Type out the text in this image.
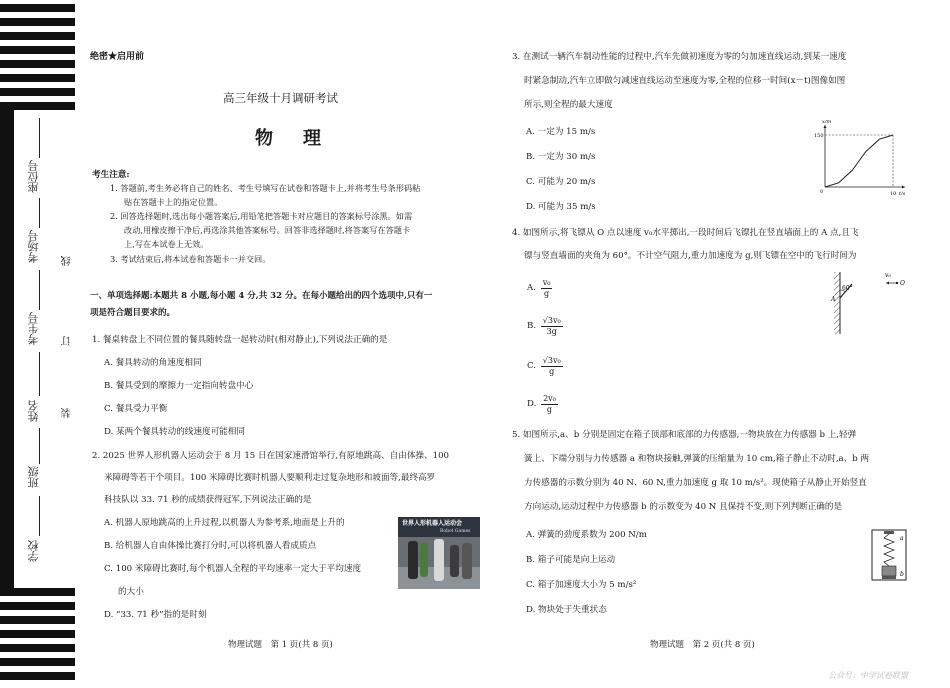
座位号
考场号
考生号
姓名
班级
学校
线
订
装
绝密★启用前
高三年级十月调研考试
物　理
考生注意:
1. 答题前,考生务必将自己的姓名、考生号填写在试卷和答题卡上,并将考生号条形码粘
贴在答题卡上的指定位置。
2. 回答选择题时,选出每小题答案后,用铅笔把答题卡对应题目的答案标号涂黑。如需
改动,用橡皮擦干净后,再选涂其他答案标号。回答非选择题时,将答案写在答题卡
上,写在本试卷上无效。
3. 考试结束后,将本试卷和答题卡一并交回。
一、单项选择题:本题共 8 小题,每小题 4 分,共 32 分。在每小题给出的四个选项中,只有一
项是符合题目要求的。
1. 餐桌转盘上不同位置的餐具随转盘一起转动时(相对静止),下列说法正确的是
A. 餐具转动的角速度相同
B. 餐具受到的摩擦力一定指向转盘中心
C. 餐具受力平衡
D. 某两个餐具转动的线速度可能相同
2. 2025 世界人形机器人运动会于 8 月 15 日在国家速滑馆举行,有原地跳高、自由体操、100
米障碍等若干个项目。100 米障碍比赛时机器人要顺利走过复杂地形和坡面等,最终高罗
科技队以 33. 71 秒的成绩获得冠军,下列说法正确的是
A. 机器人原地跳高的上升过程,以机器人为参考系,地面是上升的
B. 给机器人自由体操比赛打分时,可以将机器人看成质点
C. 100 米障碍比赛时,每个机器人全程的平均速率一定大于平均速度
的大小
D. “33. 71 秒”指的是时刻
世界人形机器人运动会
Robot Games
物理试题　第 1 页(共 8 页)
3. 在测试一辆汽车制动性能的过程中,汽车先做初速度为零的匀加速直线运动,到某一速度
时紧急制动,汽车立即做匀减速直线运动至速度为零,全程的位移一时间(x－t)图像如图
所示,则全程的最大速度
A. 一定为 15 m/s
B. 一定为 30 m/s
C. 可能为 20 m/s
D. 可能为 35 m/s
x/m
t/s
150
10
0
4. 如图所示,将飞镖从 O 点以速度 v₀水平掷出,一段时间后飞镖扎在竖直墙面上的 A 点,且飞
镖与竖直墙面的夹角为 60°。不计空气阻力,重力加速度为 g,则飞镖在空中的飞行时间为
A. $\frac{\text{v₀}}{g}$
B. $\frac{\text{√3v₀}}{3g}$
C. $\frac{\text{√3v₀}}{g}$
D. $\frac{\text{2v₀}}{g}$
60°
A
v₀
O
5. 如图所示,a、b 分别是固定在箱子顶部和底部的力传感器,一物块放在力传感器 b 上,轻弹
簧上、下端分别与力传感器 a 和物块接触,弹簧的压缩量为 10 cm,箱子静止不动时,a、b 两
力传感器的示数分别为 40 N、60 N,重力加速度 g 取 10 m/s²。现使箱子从静止开始竖直
方向运动,运动过程中力传感器 b 的示数变为 40 N 且保持不变,则下列判断正确的是
A. 弹簧的劲度系数为 200 N/m
B. 箱子可能是向上运动
C. 箱子加速度大小为 5 m/s²
D. 物块处于失重状态
a
b
物理试题　第 2 页(共 8 页)
公众号：中学试卷联盟
